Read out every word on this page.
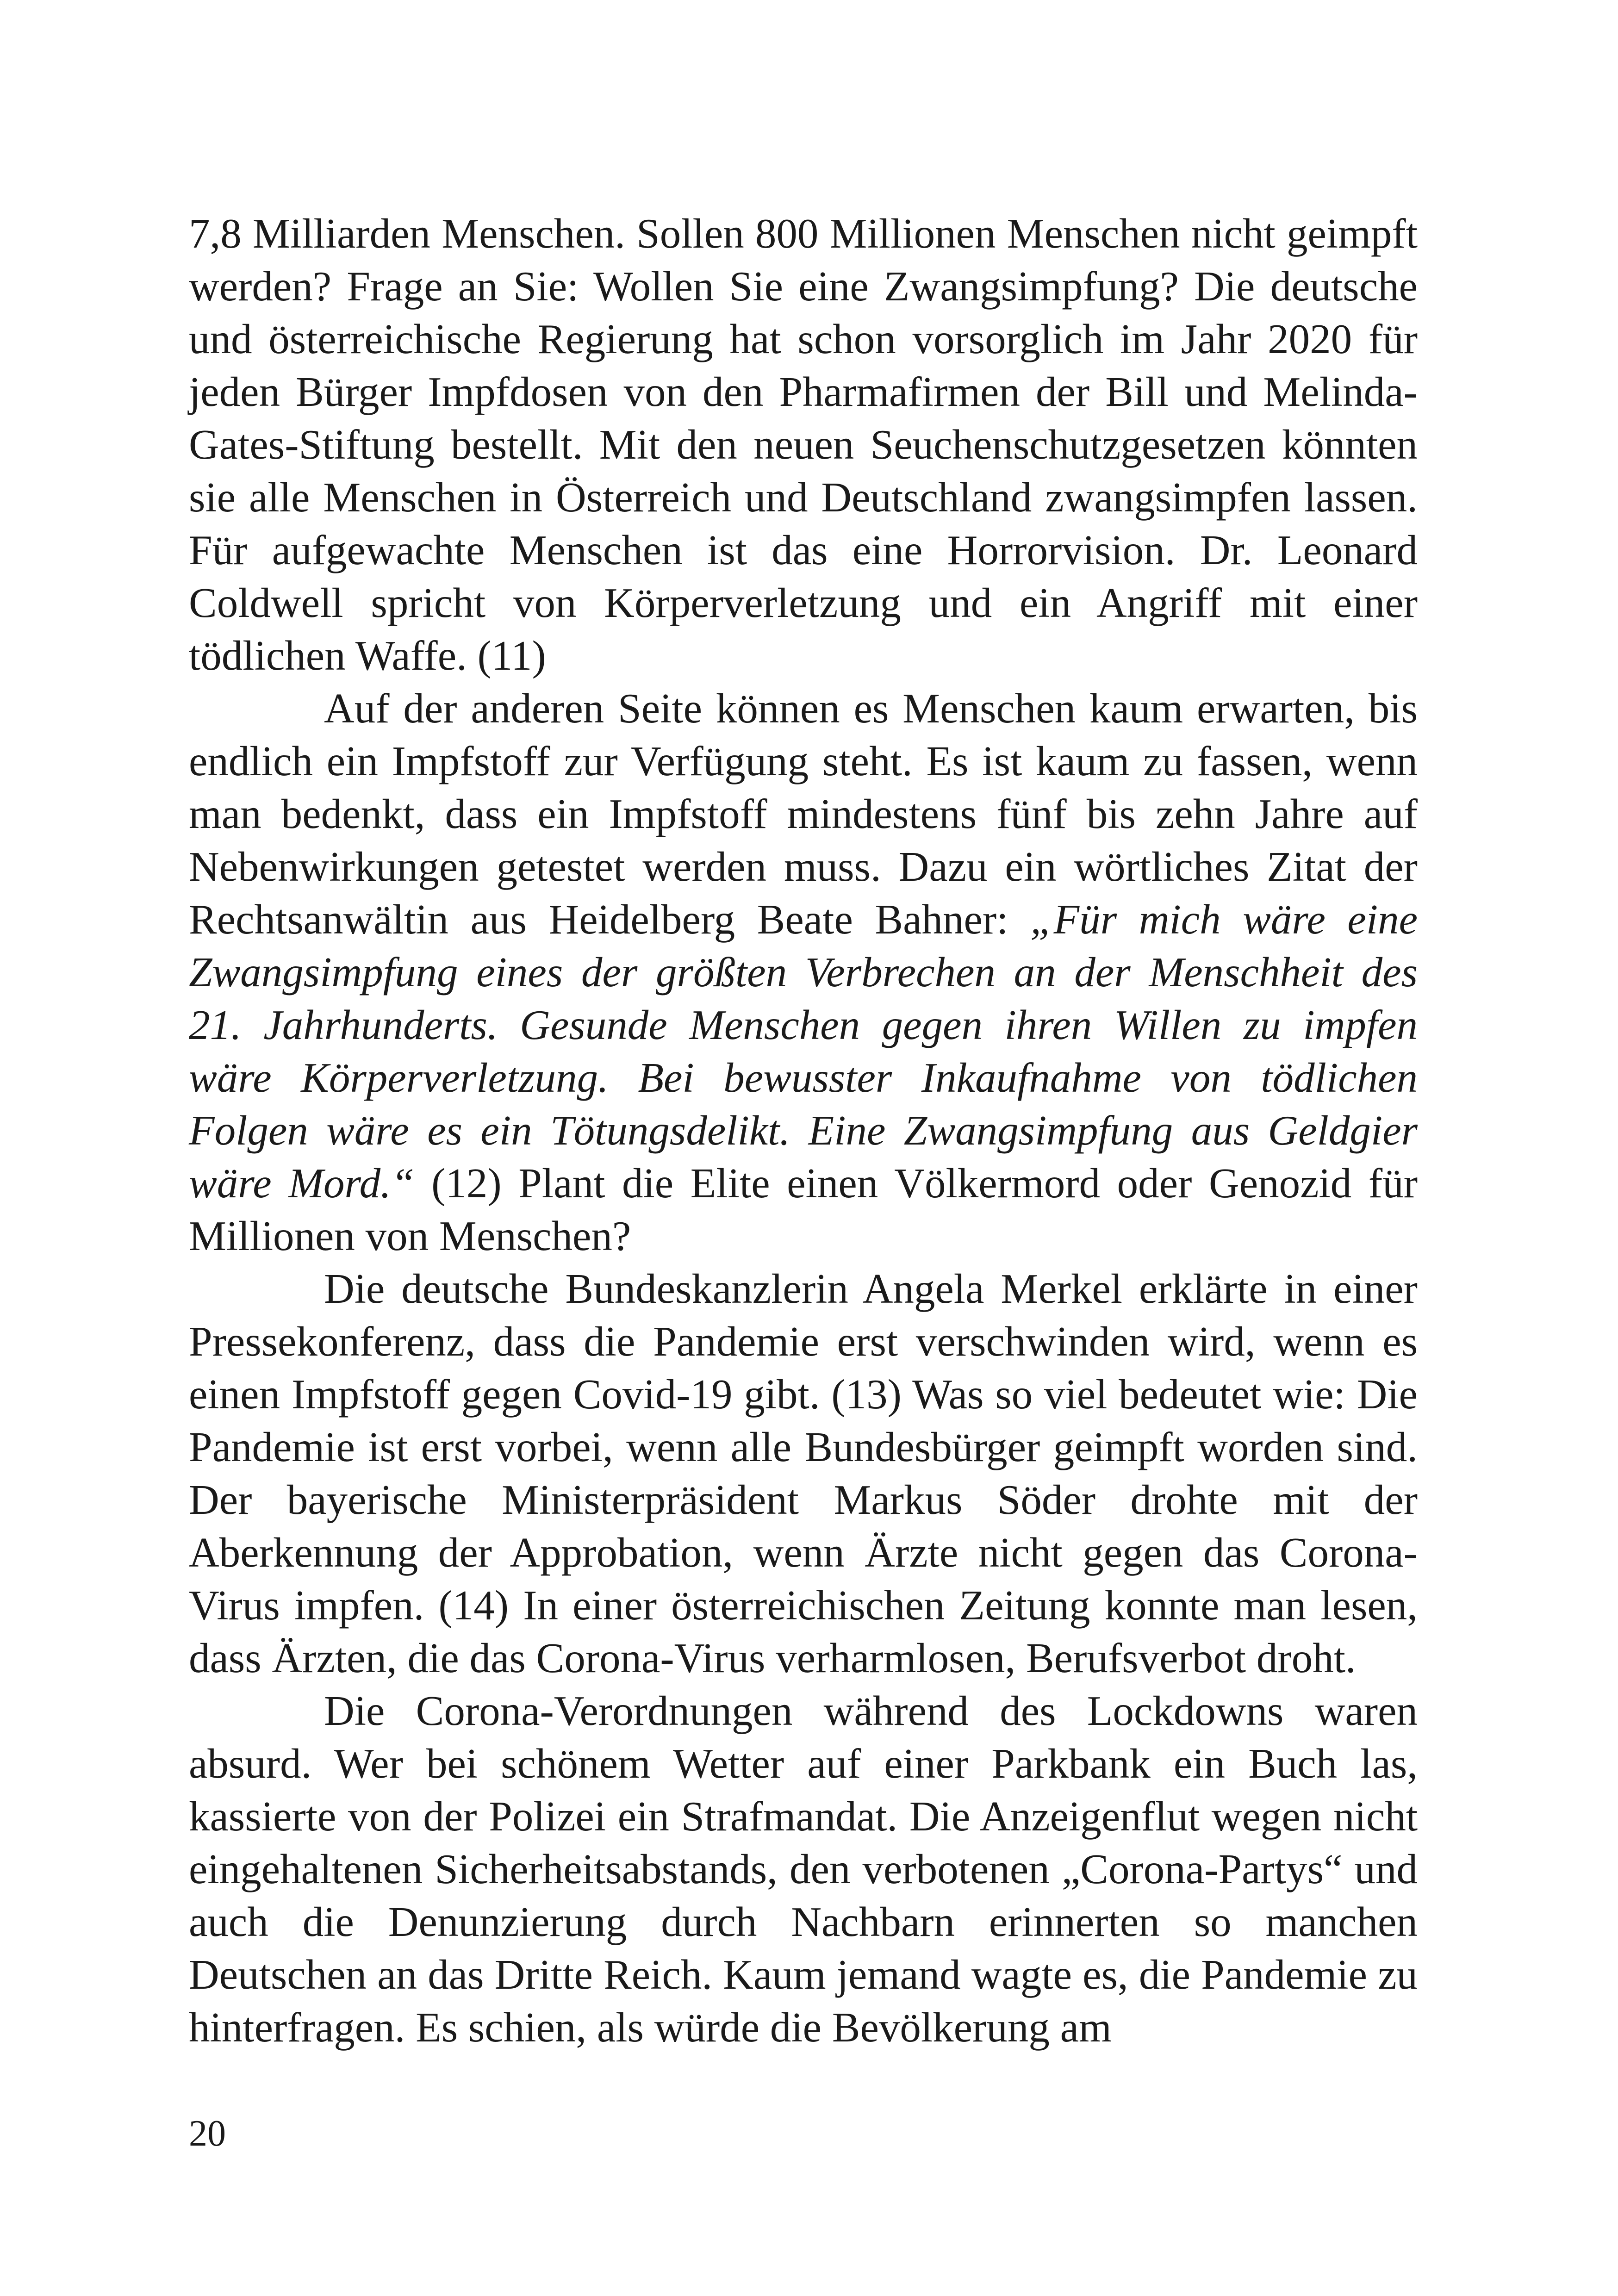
7,8 Milliarden Menschen. Sollen 800 Millionen Menschen nicht geimpft werden? Frage an Sie: Wollen Sie eine Zwangsimpfung? Die deutsche und österreichische Regierung hat schon vorsorglich im Jahr 2020 für jeden Bürger Impfdosen von den Pharmafirmen der Bill und Melinda-Gates-Stiftung bestellt. Mit den neuen Seuchenschutzgesetzen könnten sie alle Menschen in Österreich und Deutschland zwangsimpfen lassen. Für aufgewachte Menschen ist das eine Horrorvision. Dr. Leonard Coldwell spricht von Körperverletzung und ein Angriff mit einer tödlichen Waffe. (11)

Auf der anderen Seite können es Menschen kaum erwarten, bis endlich ein Impfstoff zur Verfügung steht. Es ist kaum zu fassen, wenn man bedenkt, dass ein Impfstoff mindestens fünf bis zehn Jahre auf Nebenwirkungen getestet werden muss. Dazu ein wörtliches Zitat der Rechtsanwältin aus Heidelberg Beate Bahner: „Für mich wäre eine Zwangsimpfung eines der größten Verbrechen an der Menschheit des 21. Jahrhunderts. Gesunde Menschen gegen ihren Willen zu impfen wäre Körperverletzung. Bei bewusster Inkaufnahme von tödlichen Folgen wäre es ein Tötungsdelikt. Eine Zwangsimpfung aus Geldgier wäre Mord.“ (12) Plant die Elite einen Völkermord oder Genozid für Millionen von Menschen?

Die deutsche Bundeskanzlerin Angela Merkel erklärte in einer Pressekonferenz, dass die Pandemie erst verschwinden wird, wenn es einen Impfstoff gegen Covid-19 gibt. (13) Was so viel bedeutet wie: Die Pandemie ist erst vorbei, wenn alle Bundesbürger geimpft worden sind. Der bayerische Ministerpräsident Markus Söder drohte mit der Aberkennung der Approbation, wenn Ärzte nicht gegen das Corona-Virus impfen. (14) In einer österreichischen Zeitung konnte man lesen, dass Ärzten, die das Corona-Virus verharmlosen, Berufsverbot droht.

Die Corona-Verordnungen während des Lockdowns waren absurd. Wer bei schönem Wetter auf einer Parkbank ein Buch las, kassierte von der Polizei ein Strafmandat. Die Anzeigenflut wegen nicht eingehaltenen Sicherheitsabstands, den verbotenen „Corona-Partys“ und auch die Denunzierung durch Nachbarn erinnerten so manchen Deutschen an das Dritte Reich. Kaum jemand wagte es, die Pandemie zu hinterfragen. Es schien, als würde die Bevölkerung am

20
